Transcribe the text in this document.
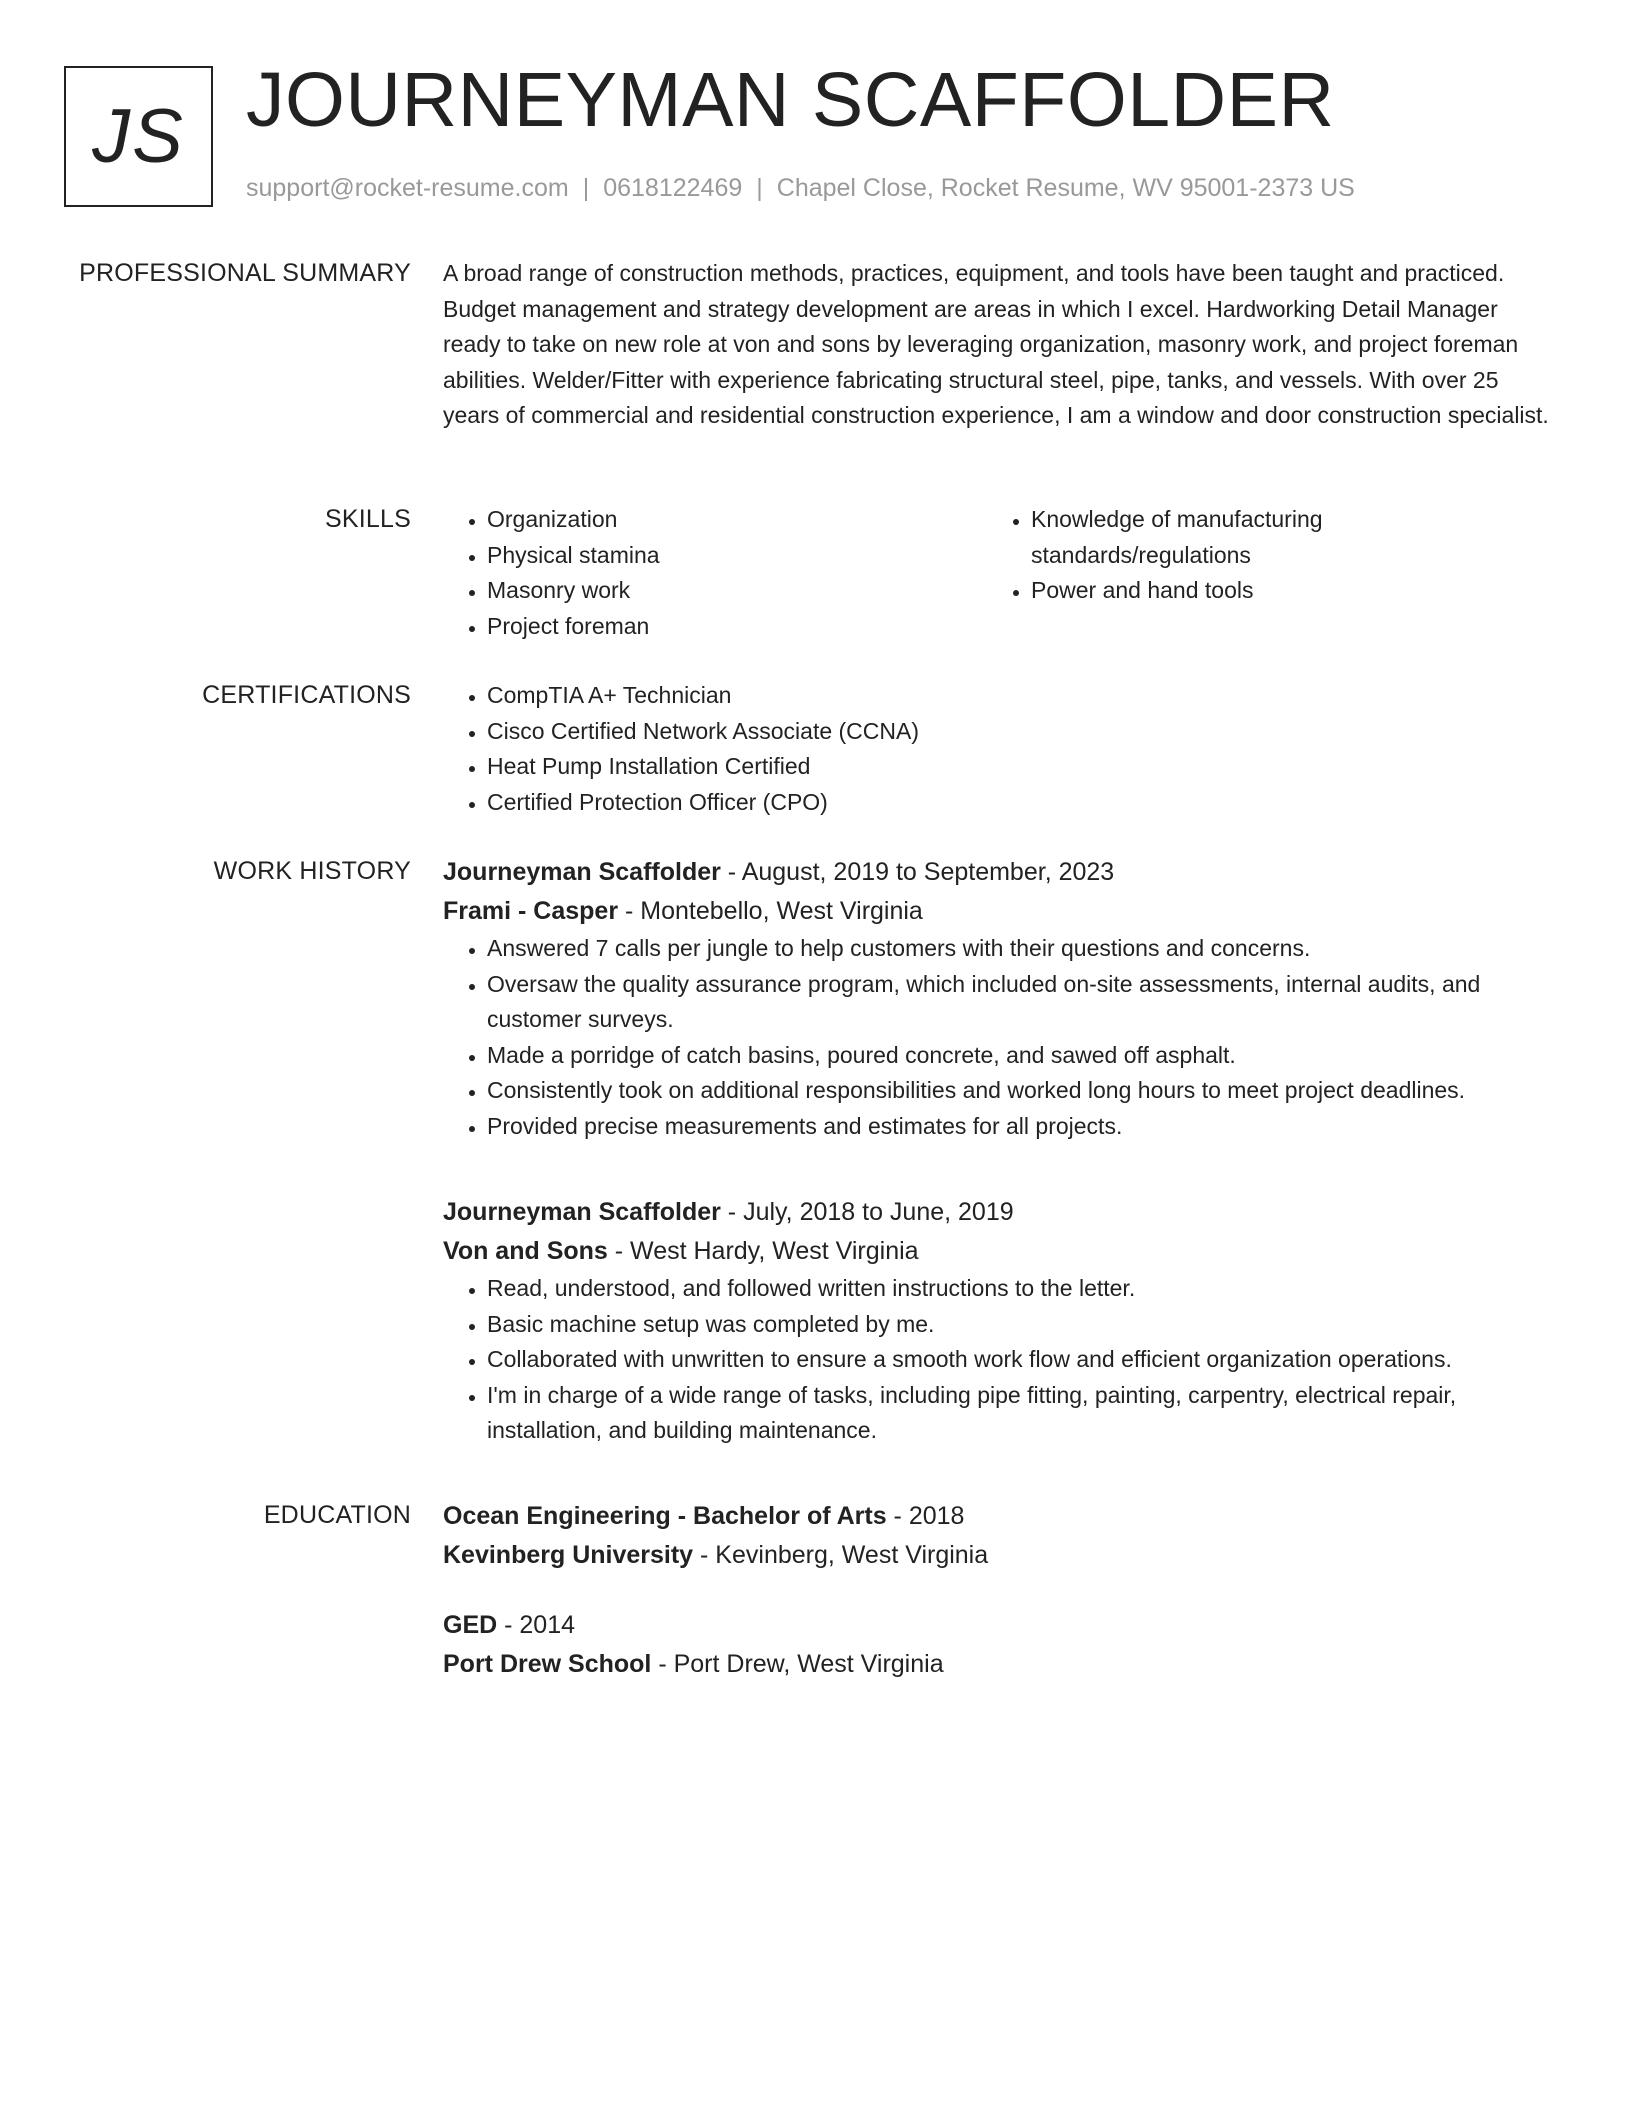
JS JOURNEYMAN SCAFFOLDER
support@rocket-resume.com | 0618122469 | Chapel Close, Rocket Resume, WV 95001-2373 US
PROFESSIONAL SUMMARY A broad range of construction methods, practices, equipment, and tools have been taught and practiced. Budget management and strategy development are areas in which I excel. Hardworking Detail Manager ready to take on new role at von and sons by leveraging organization, masonry work, and project foreman abilities. Welder/Fitter with experience fabricating structural steel, pipe, tanks, and vessels. With over 25 years of commercial and residential construction experience, I am a window and door construction specialist.

SKILLS	• Organization
• Physical stamina
• Masonry work
• Project foreman
• Knowledge of manufacturing standards/regulations
• Power and hand tools
CERTIFICATIONS	• CompTIA A+ Technician
• Cisco Certified Network Associate (CCNA)
• Heat Pump Installation Certified
• Certified Protection Officer (CPO)
WORK HISTORY Journeyman Scaffolder - August, 2019 to September, 2023
Frami - Casper - Montebello, West Virginia
• Answered 7 calls per jungle to help customers with their questions and concerns.
• Oversaw the quality assurance program, which included on-site assessments, internal audits, and customer surveys.
• Made a porridge of catch basins, poured concrete, and sawed off asphalt.
• Consistently took on additional responsibilities and worked long hours to meet project deadlines.
• Provided precise measurements and estimates for all projects.
Journeyman Scaffolder - July, 2018 to June, 2019
Von and Sons - West Hardy, West Virginia
• Read, understood, and followed written instructions to the letter.
• Basic machine setup was completed by me.
• Collaborated with unwritten to ensure a smooth work flow and efficient organization operations.
• I'm in charge of a wide range of tasks, including pipe fitting, painting, carpentry, electrical repair, installation, and building maintenance.
EDUCATION Ocean Engineering - Bachelor of Arts - 2018
Kevinberg University - Kevinberg, West Virginia
GED - 2014
Port Drew School - Port Drew, West Virginia
